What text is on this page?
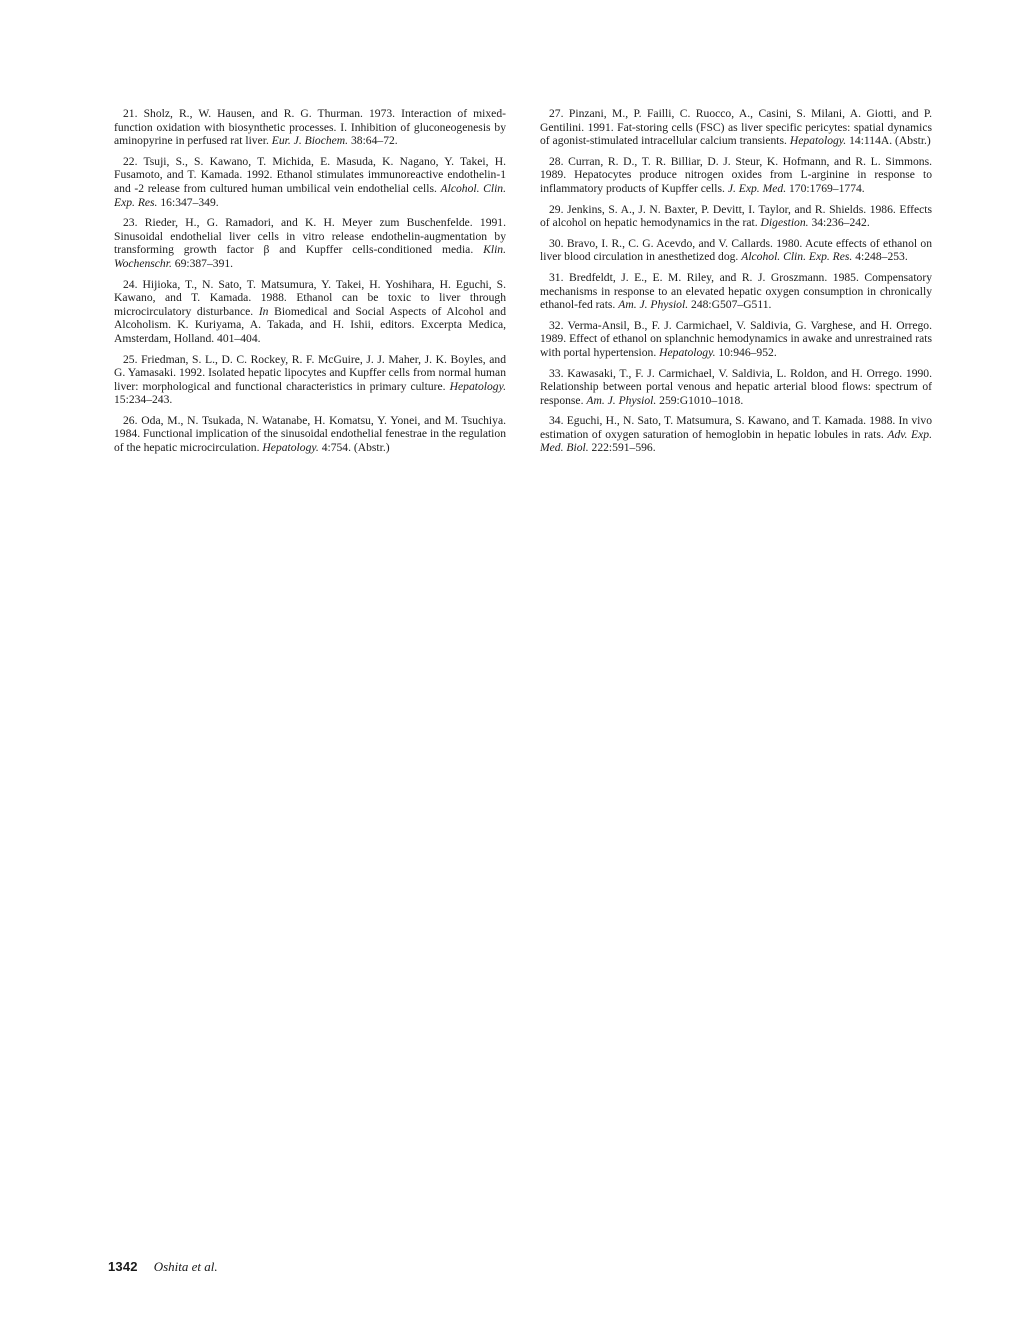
21. Sholz, R., W. Hausen, and R. G. Thurman. 1973. Interaction of mixed-function oxidation with biosynthetic processes. I. Inhibition of gluconeogenesis by aminopyrine in perfused rat liver. Eur. J. Biochem. 38:64–72.

22. Tsuji, S., S. Kawano, T. Michida, E. Masuda, K. Nagano, Y. Takei, H. Fusamoto, and T. Kamada. 1992. Ethanol stimulates immunoreactive endothelin-1 and -2 release from cultured human umbilical vein endothelial cells. Alcohol. Clin. Exp. Res. 16:347–349.

23. Rieder, H., G. Ramadori, and K. H. Meyer zum Buschenfelde. 1991. Sinusoidal endothelial liver cells in vitro release endothelin-augmentation by transforming growth factor β and Kupffer cells-conditioned media. Klin. Wochenschr. 69:387–391.

24. Hijioka, T., N. Sato, T. Matsumura, Y. Takei, H. Yoshihara, H. Eguchi, S. Kawano, and T. Kamada. 1988. Ethanol can be toxic to liver through microcirculatory disturbance. In Biomedical and Social Aspects of Alcohol and Alcoholism. K. Kuriyama, A. Takada, and H. Ishii, editors. Excerpta Medica, Amsterdam, Holland. 401–404.

25. Friedman, S. L., D. C. Rockey, R. F. McGuire, J. J. Maher, J. K. Boyles, and G. Yamasaki. 1992. Isolated hepatic lipocytes and Kupffer cells from normal human liver: morphological and functional characteristics in primary culture. Hepatology. 15:234–243.

26. Oda, M., N. Tsukada, N. Watanabe, H. Komatsu, Y. Yonei, and M. Tsuchiya. 1984. Functional implication of the sinusoidal endothelial fenestrae in the regulation of the hepatic microcirculation. Hepatology. 4:754. (Abstr.)

27. Pinzani, M., P. Failli, C. Ruocco, A., Casini, S. Milani, A. Giotti, and P. Gentilini. 1991. Fat-storing cells (FSC) as liver specific pericytes: spatial dynamics of agonist-stimulated intracellular calcium transients. Hepatology. 14:114A. (Abstr.)

28. Curran, R. D., T. R. Billiar, D. J. Steur, K. Hofmann, and R. L. Simmons. 1989. Hepatocytes produce nitrogen oxides from L-arginine in response to inflammatory products of Kupffer cells. J. Exp. Med. 170:1769–1774.

29. Jenkins, S. A., J. N. Baxter, P. Devitt, I. Taylor, and R. Shields. 1986. Effects of alcohol on hepatic hemodynamics in the rat. Digestion. 34:236–242.

30. Bravo, I. R., C. G. Acevdo, and V. Callards. 1980. Acute effects of ethanol on liver blood circulation in anesthetized dog. Alcohol. Clin. Exp. Res. 4:248–253.

31. Bredfeldt, J. E., E. M. Riley, and R. J. Groszmann. 1985. Compensatory mechanisms in response to an elevated hepatic oxygen consumption in chronically ethanol-fed rats. Am. J. Physiol. 248:G507–G511.

32. Verma-Ansil, B., F. J. Carmichael, V. Saldivia, G. Varghese, and H. Orrego. 1989. Effect of ethanol on splanchnic hemodynamics in awake and unrestrained rats with portal hypertension. Hepatology. 10:946–952.

33. Kawasaki, T., F. J. Carmichael, V. Saldivia, L. Roldon, and H. Orrego. 1990. Relationship between portal venous and hepatic arterial blood flows: spectrum of response. Am. J. Physiol. 259:G1010–1018.

34. Eguchi, H., N. Sato, T. Matsumura, S. Kawano, and T. Kamada. 1988. In vivo estimation of oxygen saturation of hemoglobin in hepatic lobules in rats. Adv. Exp. Med. Biol. 222:591–596.

1342 Oshita et al.
